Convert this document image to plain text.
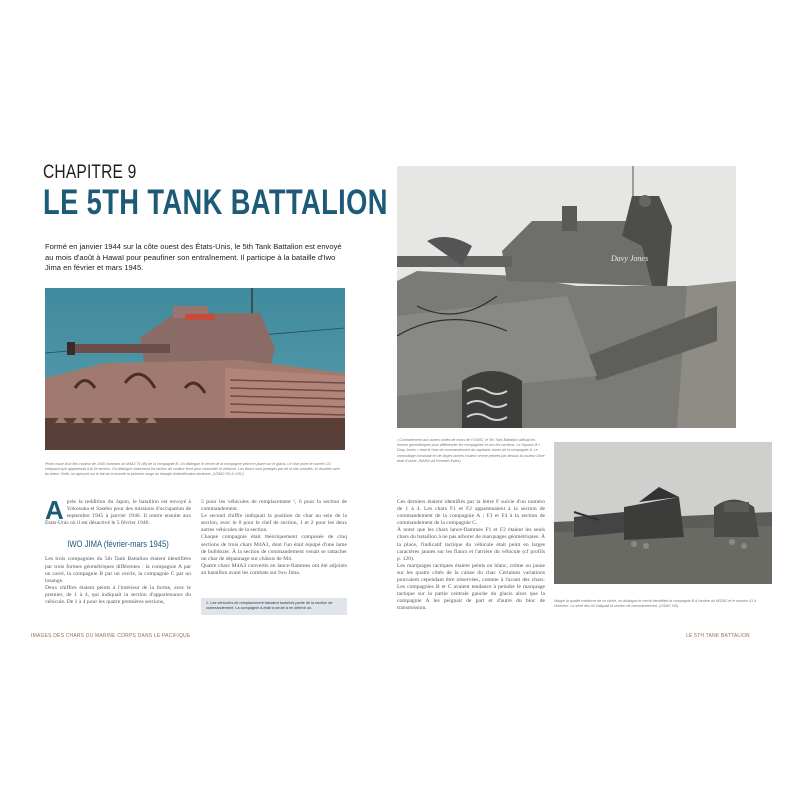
CHAPITRE 9
LE 5TH TANK BATTALION
Formé en janvier 1944 sur la côte ouest des États-Unis, le 5th Tank Battalion est envoyé au mois d'août à Hawaï pour peaufiner son entraînement. Il participe à la bataille d'Iwo Jima en février et mars 1945.
Photo issue d'un film couleur de 1945 montrant un M4A3 75 (W) de la compagnie B. On distingue le cercle de la compagnie peint en jaune sur le glacis. Le char porte le numéro 22, indiquant qu'il appartenait à la 2e section. On distingue clairement les taches de couleur ferré pour camoufler le véhicule. Les flancs sont protégés par de la tôle ondulée, ici doublée avec du béton. Enfin, on aperçoit sur le toit de la tourelle la peinture rouge du triangle d'identification aérienne. (USMC HD & USC)

Après la reddition du Japon, le bataillon est envoyé à Yokosuka et Sasebo pour des missions d'occupation de septembre 1945 à janvier 1946. Il rentre ensuite aux États-Unis où il est désactivé le 5 février 1946.

IWO JIMA (février-mars 1945)

Les trois compagnies du 5th Tank Battalion étaient identifiées par trois formes géométriques différentes : la compagnie A par un carré, la compagnie B par un cercle, la compagnie C par un losange.

Deux chiffres étaient peints à l'intérieur de la forme, avec le premier, de 1 à 4, qui indiquait la section d'appartenance du véhicule. De 1 à 4 pour les quatre premières sections,

5 pour les véhicules de remplacement ¹, 6 pour la section de commandement.

Le second chiffre indiquait la position du char au sein de la section, avec le 0 pour le chef de section, 1 et 2 pour les deux autres véhicules de la section.

Chaque compagnie était théoriquement composée de cinq sections de trois chars M4A3, dont l'un était équipé d'une lame de bulldozer. À la section de commandement venait se rattacher un char de dépannage sur châssis de M4.

Quatre chars M4A3 convertis en lance-flammes ont été adjoints au bataillon avant les combats sur Iwo Jima.

1. Les véhicules de remplacement faisaient toutefois partie de la section de commandement. La compagnie A était la seule à en détenir un.
IMAGES DES CHARS DU MARINE CORPS DANS LE PACIFIQUE
Davy Jones
• Contrairement aux autres unités de chars de l'USMC, le 5th Tank Battalion utilisait les formes géométriques pour différencier les compagnies et non les sections. Le Squash Ill « Davy Jones » était le char de commandement du capitaine Jones de la compagnie A. Le camouflage consistait en de larges taches couleur crème peintes par dessus la couleur Olive drab d'usine. (NARA via Kenneth Estes)

Ces derniers étaient identifiés par la lettre F suivie d'un numéro de 1 à 4. Les chars F1 et F2 appartenaient à la section de commandement de la compagnie A ; F3 et F4 à la section de commandement de la compagnie C.

À noter que les chars lance-flammes F1 et F2 étaient les seuls chars du bataillon à ne pas arborer de marquages géométriques. À la place, l'indicatif tactique du véhicule était peint en larges caractères jaunes sur les flancs et l'arrière du véhicule (cf profils p. 120).

Les marquages tactiques étaient peints en blanc, crème ou jaune sur les quatre côtés de la caisse du char. Certaines variations pouvaient cependant être observées, comme à l'avant des chars. Les compagnies B et C avaient tendance à peindre le marquage tactique sur la partie centrale gauche du glacis alors que la compagnie A les peignait de part et d'autre du bloc de transmission.

Malgré la qualité médiocre de ce cliché, on distingue le cercle identifiant la compagnie B à l'arrière du M32B2 et le numéro 61 à l'intérieur. La série des 60 indiquait la section de commandement. (USMC HD)
LE 5TH TANK BATTALION
